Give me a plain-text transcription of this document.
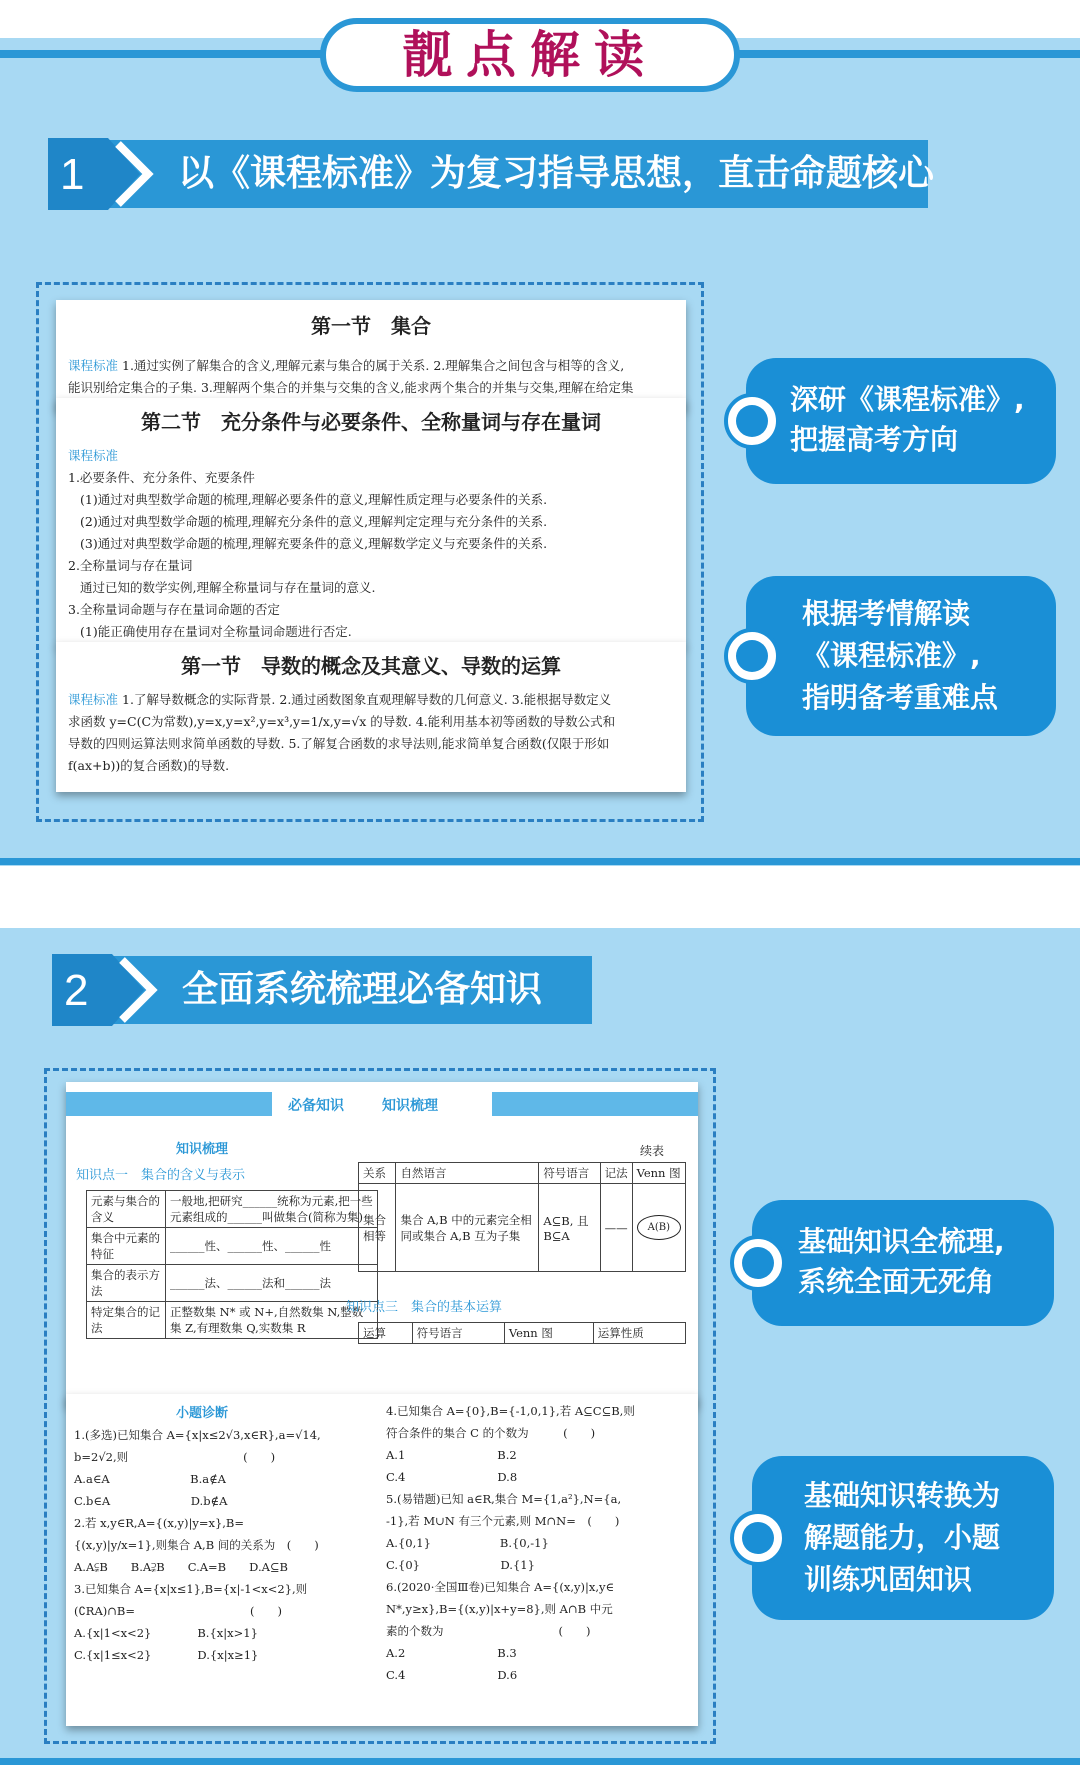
靓点解读
1	以《课程标准》为复习指导思想，直击命题核心
第一节　集合
课程标准 1.通过实例了解集合的含义,理解元素与集合的属于关系. 2.理解集合之间包含与相等的含义,
能识别给定集合的子集. 3.理解两个集合的并集与交集的含义,能求两个集合的并集与交集,理解在给定集
第二节　充分条件与必要条件、全称量词与存在量词
课程标准
1.必要条件、充分条件、充要条件
(1)通过对典型数学命题的梳理,理解必要条件的意义,理解性质定理与必要条件的关系.
(2)通过对典型数学命题的梳理,理解充分条件的意义,理解判定定理与充分条件的关系.
(3)通过对典型数学命题的梳理,理解充要条件的意义,理解数学定义与充要条件的关系.
2.全称量词与存在量词
通过已知的数学实例,理解全称量词与存在量词的意义.
3.全称量词命题与存在量词命题的否定
(1)能正确使用存在量词对全称量词命题进行否定.
第一节　导数的概念及其意义、导数的运算
课程标准 1.了解导数概念的实际背景. 2.通过函数图象直观理解导数的几何意义. 3.能根据导数定义
求函数 y=C(C为常数),y=x,y=x²,y=x³,y=1/x,y=√x 的导数. 4.能利用基本初等函数的导数公式和
导数的四则运算法则求简单函数的导数. 5.了解复合函数的求导法则,能求简单复合函数(仅限于形如
f(ax+b))的复合函数)的导数.
深研《课程标准》,
把握高考方向
根据考情解读
《课程标准》,
指明备考重难点
2	全面系统梳理必备知识
必备知识	知识梳理
知识梳理
知识点一　集合的含义与表示
元素与集合的含义	一般地,把研究______统称为元素,把一些元素组成的______叫做集合(简称为集)
集合中元素的特征	______性、______性、______性
集合的表示方法	______法、______法和______法
特定集合的记法	正整数集 N* 或 N+,自然数集 N,整数集 Z,有理数集 Q,实数集 R
续表
关系	自然语言	符号语言	记法	Venn 图
集合相等	集合 A,B 中的元素完全相同或集合 A,B 互为子集	A⊆B, 且 B⊆A	——	A(B)
知识点三　集合的基本运算
运算	符号语言	Venn 图	运算性质
小题诊断
1.(多选)已知集合 A={x|x≤2√3,x∈R},a=√14,
b=2√2,则　　　　　　　　　　(　　)
A.a∈A　　　　　　　B.a∉A
C.b∈A　　　　　　　D.b∉A
2.若 x,y∈R,A={(x,y)|y=x},B=
{(x,y)|y/x=1},则集合 A,B 间的关系为　(　　)
A.A⫋B　　B.A⫌B　　C.A=B　　D.A⊆B
3.已知集合 A={x|x≤1},B={x|-1<x<2},则
(∁RA)∩B=　　　　　　　　　　(　　)
A.{x|1<x<2}　　　　B.{x|x>1}
C.{x|1≤x<2}　　　　D.{x|x≥1}
4.已知集合 A={0},B={-1,0,1},若 A⊆C⊆B,则
符合条件的集合 C 的个数为　　　(　　)
A.1　　　　　　　　B.2
C.4　　　　　　　　D.8
5.(易错题)已知 a∈R,集合 M={1,a²},N={a,
-1},若 M∪N 有三个元素,则 M∩N=　(　　)
A.{0,1}　　　　　　B.{0,-1}
C.{0}　　　　　　　D.{1}
6.(2020·全国Ⅲ卷)已知集合 A={(x,y)|x,y∈
N*,y≥x},B={(x,y)|x+y=8},则 A∩B 中元
素的个数为　　　　　　　　　　(　　)
A.2　　　　　　　　B.3
C.4　　　　　　　　D.6
基础知识全梳理,
系统全面无死角
基础知识转换为
解题能力，小题
训练巩固知识
